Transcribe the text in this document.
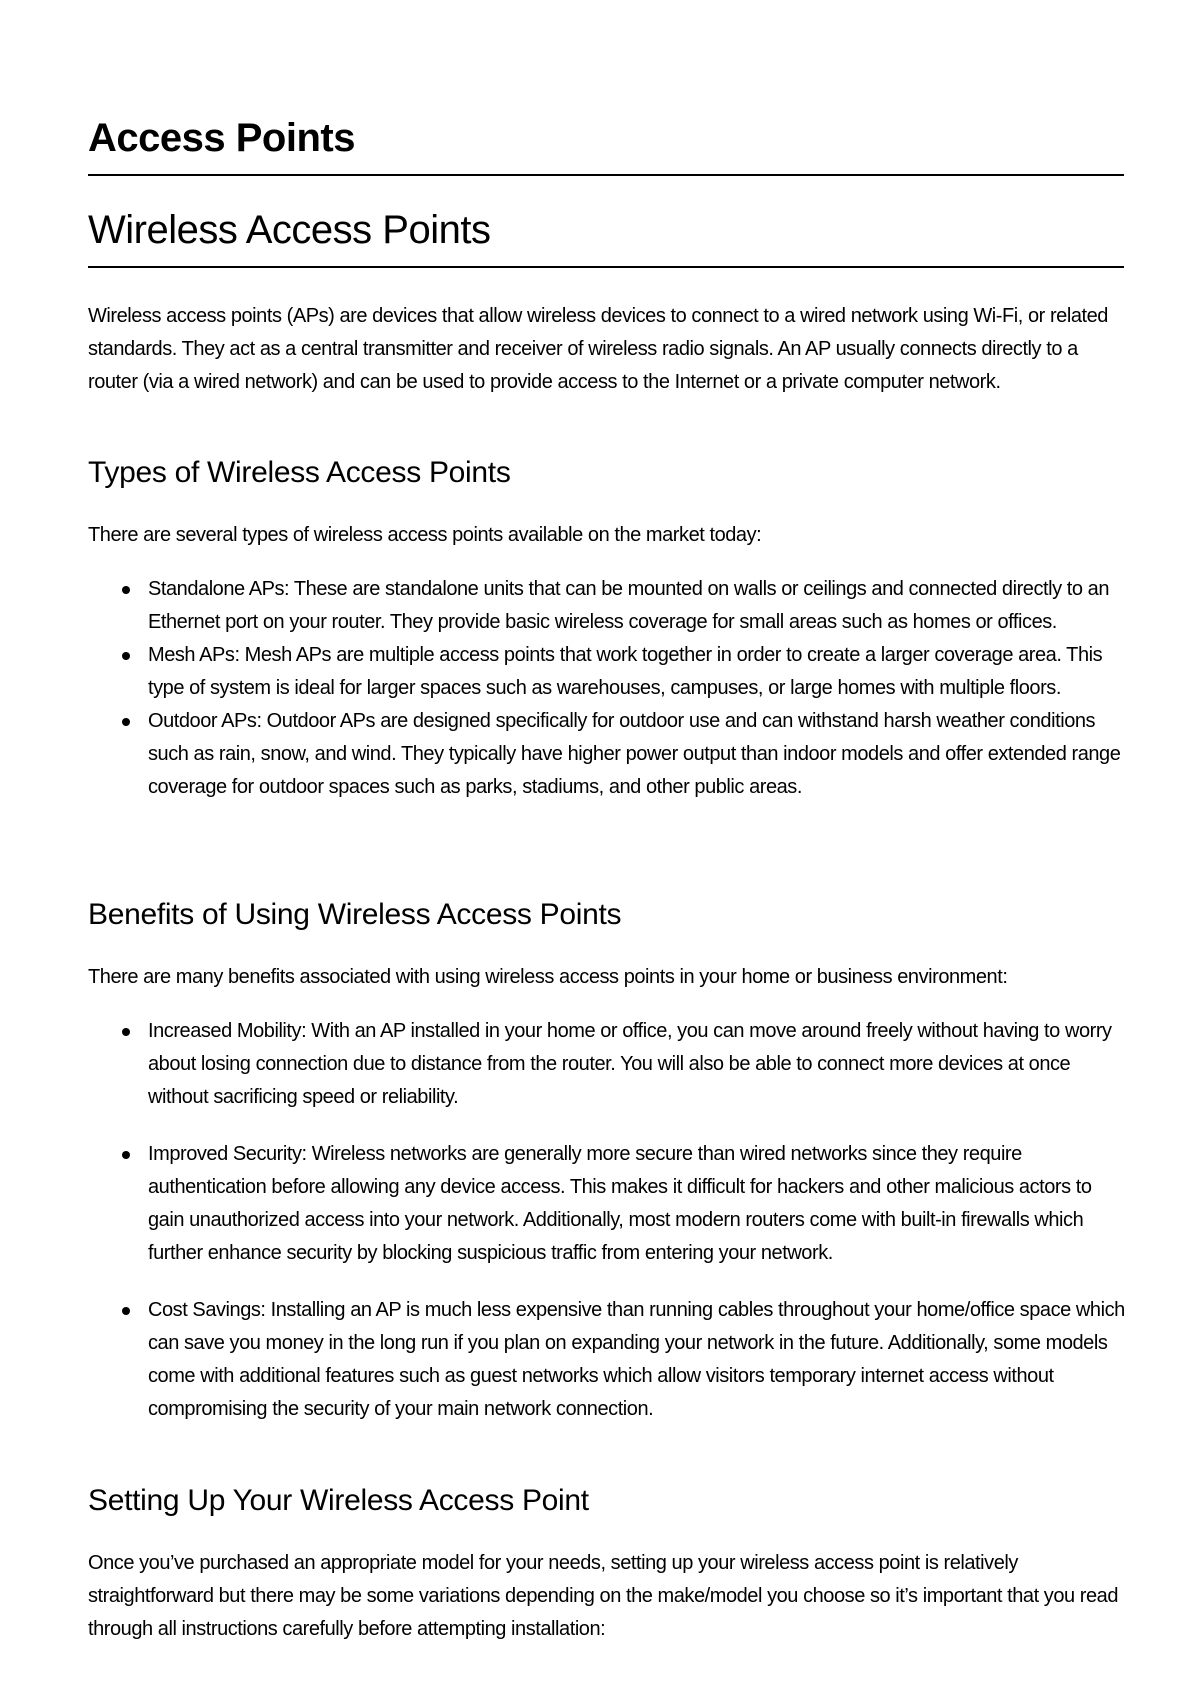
Access Points
Wireless Access Points

Wireless access points (APs) are devices that allow wireless devices to connect to a wired network using Wi-Fi, or related standards. They act as a central transmitter and receiver of wireless radio signals. An AP usually connects directly to a router (via a wired network) and can be used to provide access to the Internet or a private computer network.

Types of Wireless Access Points

There are several types of wireless access points available on the market today:

Standalone APs: These are standalone units that can be mounted on walls or ceilings and connected directly to an Ethernet port on your router. They provide basic wireless coverage for small areas such as homes or offices.
Mesh APs: Mesh APs are multiple access points that work together in order to create a larger coverage area. This type of system is ideal for larger spaces such as warehouses, campuses, or large homes with multiple floors.
Outdoor APs: Outdoor APs are designed specifically for outdoor use and can withstand harsh weather conditions such as rain, snow, and wind. They typically have higher power output than indoor models and offer extended range coverage for outdoor spaces such as parks, stadiums, and other public areas.
Benefits of Using Wireless Access Points

There are many benefits associated with using wireless access points in your home or business environment:

Increased Mobility: With an AP installed in your home or office, you can move around freely without having to worry about losing connection due to distance from the router. You will also be able to connect more devices at once without sacrificing speed or reliability.
Improved Security: Wireless networks are generally more secure than wired networks since they require authentication before allowing any device access. This makes it difficult for hackers and other malicious actors to gain unauthorized access into your network. Additionally, most modern routers come with built-in firewalls which further enhance security by blocking suspicious traffic from entering your network.
Cost Savings: Installing an AP is much less expensive than running cables throughout your home/office space which can save you money in the long run if you plan on expanding your network in the future. Additionally, some models come with additional features such as guest networks which allow visitors temporary internet access without compromising the security of your main network connection.
Setting Up Your Wireless Access Point

Once you’ve purchased an appropriate model for your needs, setting up your wireless access point is relatively straightforward but there may be some variations depending on the make/model you choose so it’s important that you read through all instructions carefully before attempting installation:
